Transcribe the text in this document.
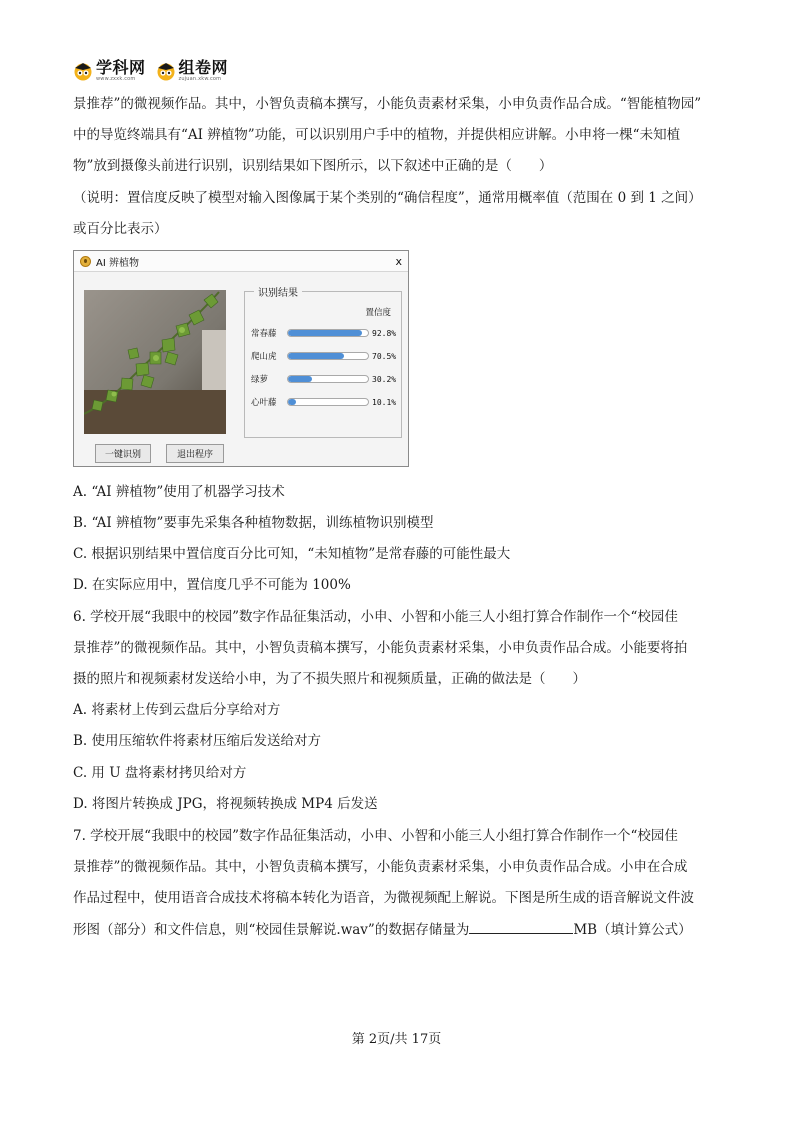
学科网
www.zxxk.com
组卷网
zujuan.xkw.com
景推荐”的微视频作品。其中，小智负责稿本撰写，小能负责素材采集，小申负责作品合成。“智能植物园”
中的导览终端具有“AI 辨植物”功能，可以识别用户手中的植物，并提供相应讲解。小申将一棵“未知植
物”放到摄像头前进行识别，识别结果如下图所示，以下叙述中正确的是（　　）
（说明：置信度反映了模型对输入图像属于某个类别的“确信程度”，通常用概率值（范围在 0 到 1 之间）
或百分比表示）
AI 辨植物	x
识别结果
置信度
常春藤	92.8%
爬山虎	70.5%
绿萝	30.2%
心叶藤	10.1%
一键识别	退出程序
A. “AI 辨植物”使用了机器学习技术
B. “AI 辨植物”要事先采集各种植物数据，训练植物识别模型
C. 根据识别结果中置信度百分比可知，“未知植物”是常春藤的可能性最大
D. 在实际应用中，置信度几乎不可能为 100%
6. 学校开展“我眼中的校园”数字作品征集活动，小申、小智和小能三人小组打算合作制作一个“校园佳
景推荐”的微视频作品。其中，小智负责稿本撰写，小能负责素材采集，小申负责作品合成。小能要将拍
摄的照片和视频素材发送给小申，为了不损失照片和视频质量，正确的做法是（　　）
A. 将素材上传到云盘后分享给对方
B. 使用压缩软件将素材压缩后发送给对方
C. 用 U 盘将素材拷贝给对方
D. 将图片转换成 JPG，将视频转换成 MP4 后发送
7. 学校开展“我眼中的校园”数字作品征集活动，小申、小智和小能三人小组打算合作制作一个“校园佳
景推荐”的微视频作品。其中，小智负责稿本撰写，小能负责素材采集，小申负责作品合成。小申在合成
作品过程中，使用语音合成技术将稿本转化为语音，为微视频配上解说。下图是所生成的语音解说文件波
形图（部分）和文件信息，则“校园佳景解说.wav”的数据存储量为	MB（填计算公式）
第 2页/共 17页
